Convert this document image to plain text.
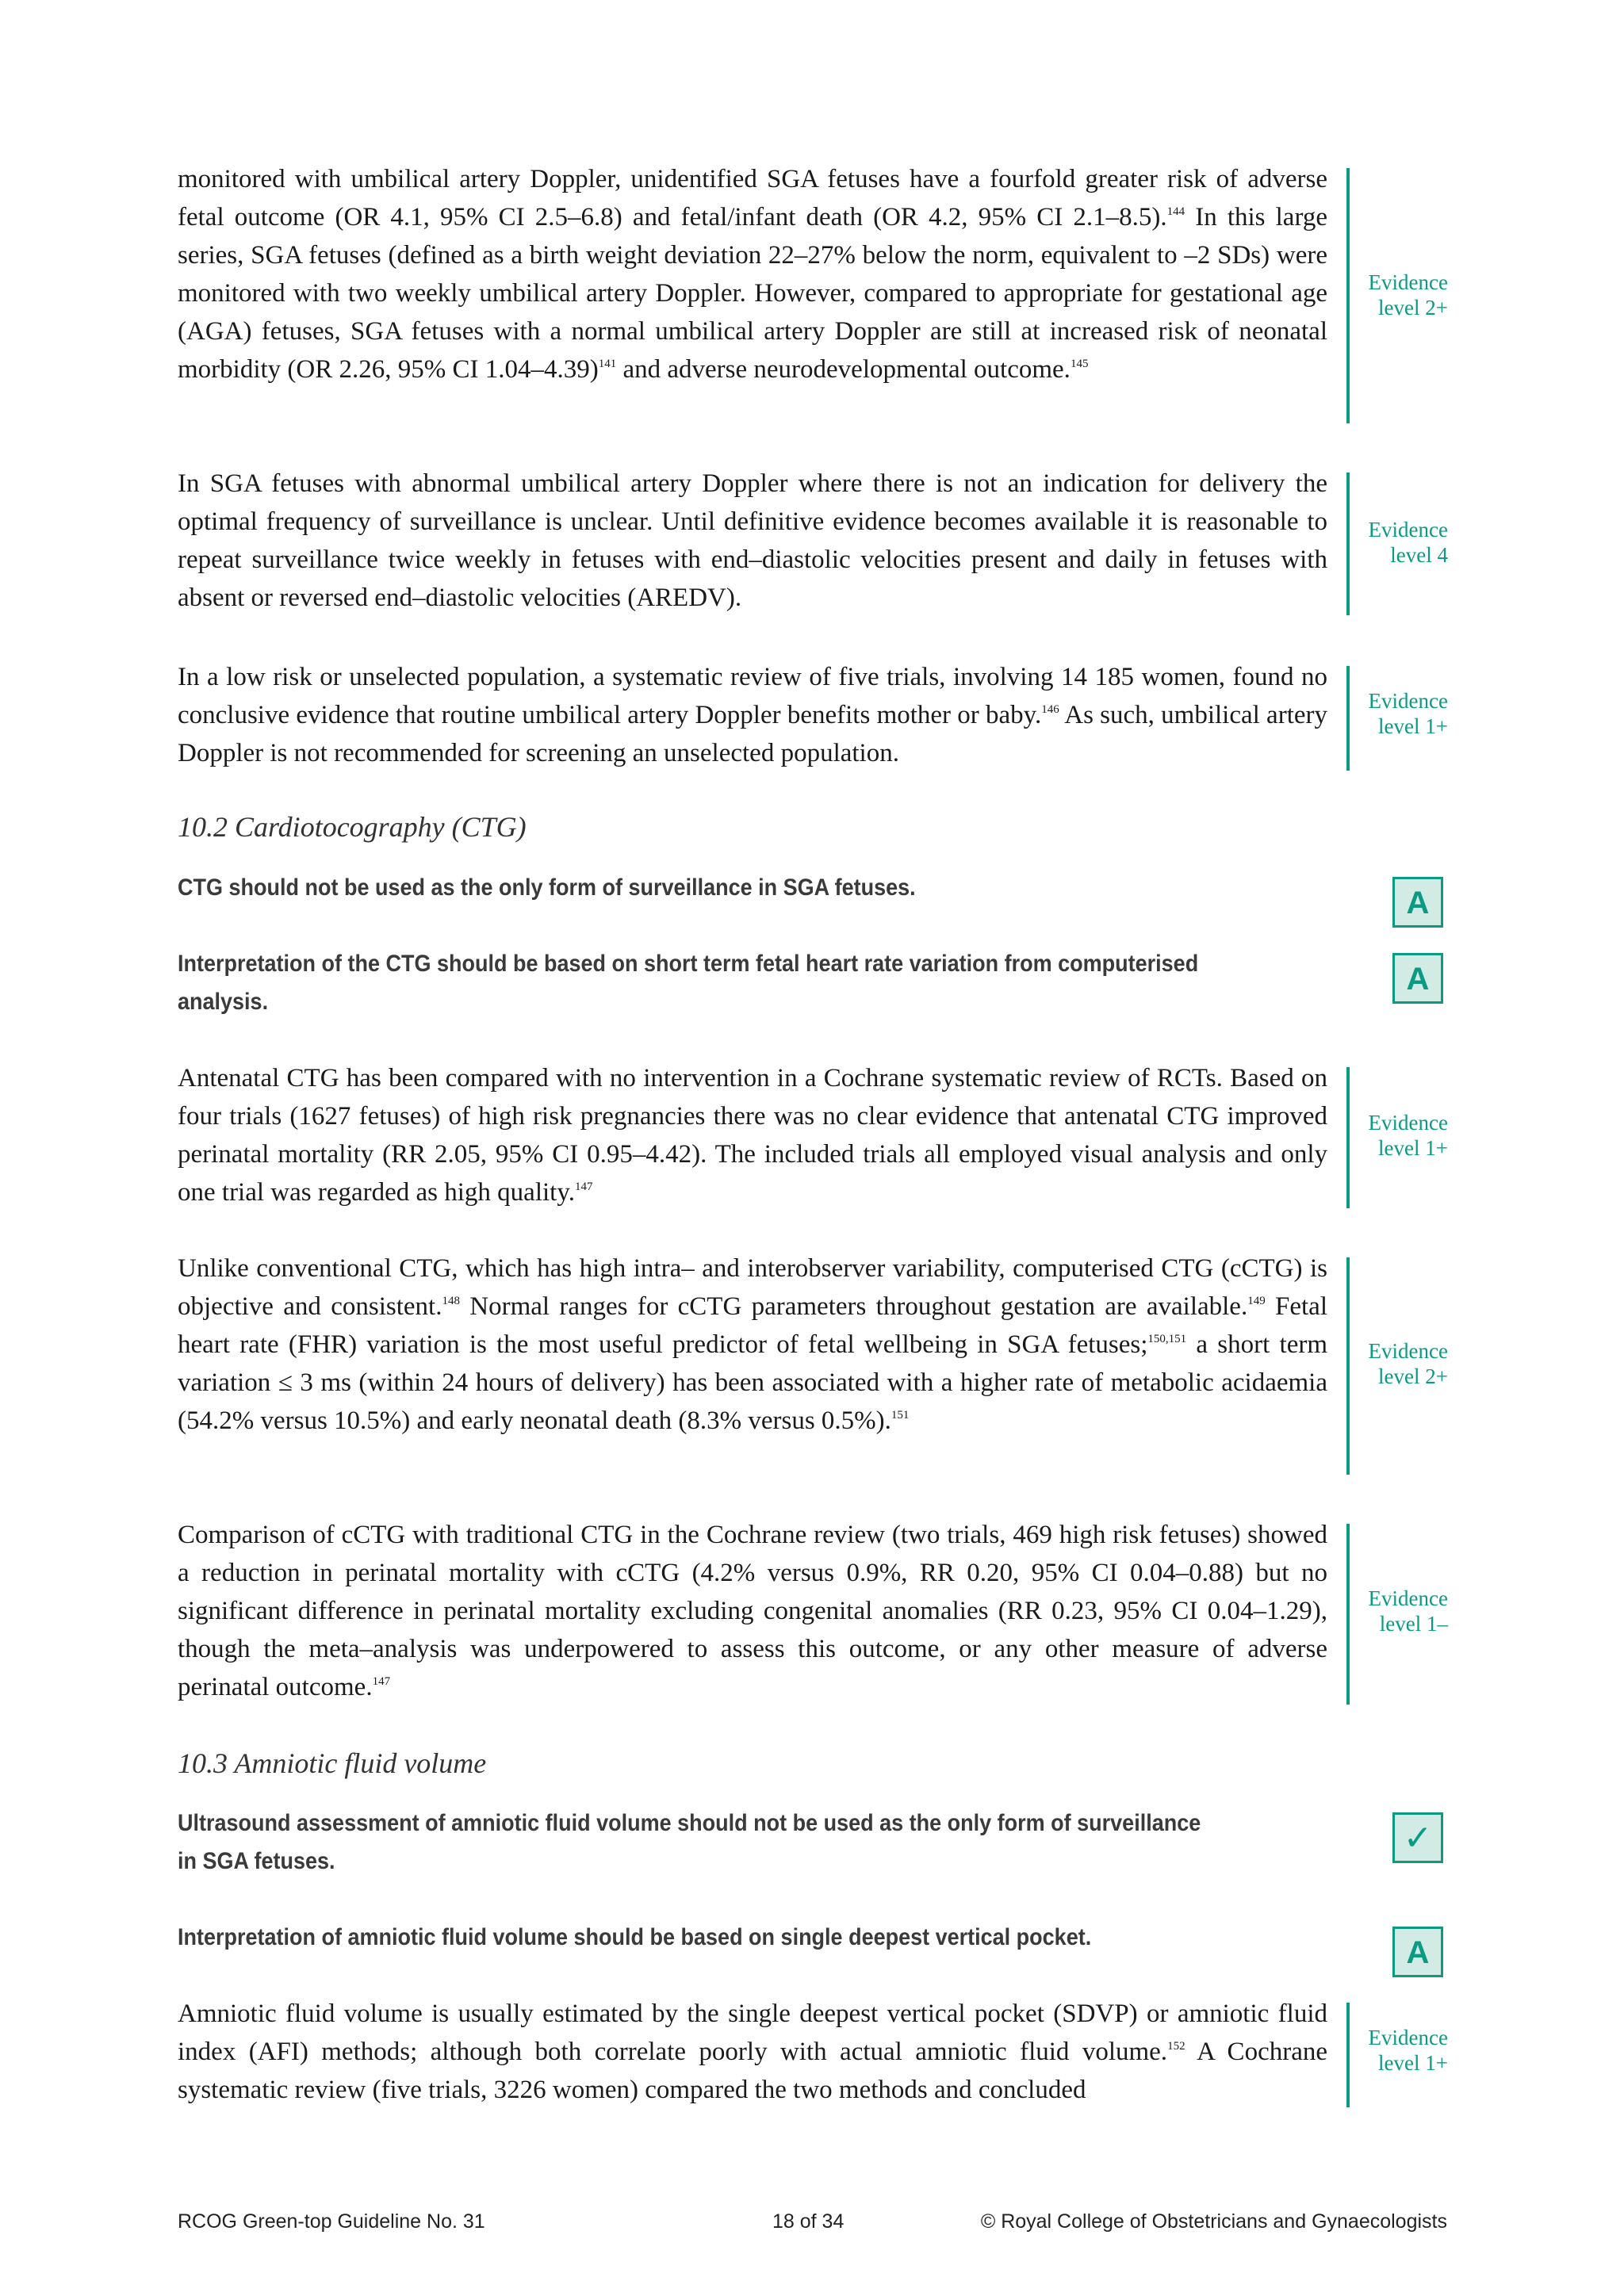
monitored with umbilical artery Doppler, unidentified SGA fetuses have a fourfold greater risk of adverse fetal outcome (OR 4.1, 95% CI 2.5–6.8) and fetal/infant death (OR 4.2, 95% CI 2.1–8.5).$^{144}$ In this large series, SGA fetuses (defined as a birth weight deviation 22–27% below the norm, equivalent to –2 SDs) were monitored with two weekly umbilical artery Doppler. However, compared to appropriate for gestational age (AGA) fetuses, SGA fetuses with a normal umbilical artery Doppler are still at increased risk of neonatal morbidity (OR 2.26, 95% CI 1.04–4.39)$^{141}$ and adverse neurodevelopmental outcome.$^{145}$

Evidence
level 2+

In SGA fetuses with abnormal umbilical artery Doppler where there is not an indication for delivery the optimal frequency of surveillance is unclear. Until definitive evidence becomes available it is reasonable to repeat surveillance twice weekly in fetuses with end–diastolic velocities present and daily in fetuses with absent or reversed end–diastolic velocities (AREDV).

Evidence
level 4

In a low risk or unselected population, a systematic review of five trials, involving 14 185 women, found no conclusive evidence that routine umbilical artery Doppler benefits mother or baby.$^{146}$ As such, umbilical artery Doppler is not recommended for screening an unselected population.

Evidence
level 1+

10.2 Cardiotocography (CTG)

CTG should not be used as the only form of surveillance in SGA fetuses.	A

Interpretation of the CTG should be based on short term fetal heart rate variation from computerised analysis.

A

Antenatal CTG has been compared with no intervention in a Cochrane systematic review of RCTs. Based on four trials (1627 fetuses) of high risk pregnancies there was no clear evidence that antenatal CTG improved perinatal mortality (RR 2.05, 95% CI 0.95–4.42). The included trials all employed visual analysis and only one trial was regarded as high quality.$^{147}$

Evidence
level 1+

Unlike conventional CTG, which has high intra– and interobserver variability, computerised CTG (cCTG) is objective and consistent.$^{148}$ Normal ranges for cCTG parameters throughout gestation are available.$^{149}$ Fetal heart rate (FHR) variation is the most useful predictor of fetal wellbeing in SGA fetuses;$^{150,151}$ a short term variation ≤ 3 ms (within 24 hours of delivery) has been associated with a higher rate of metabolic acidaemia (54.2% versus 10.5%) and early neonatal death (8.3% versus 0.5%).$^{151}$

Evidence
level 2+

Comparison of cCTG with traditional CTG in the Cochrane review (two trials, 469 high risk fetuses) showed a reduction in perinatal mortality with cCTG (4.2% versus 0.9%, RR 0.20, 95% CI 0.04–0.88) but no significant difference in perinatal mortality excluding congenital anomalies (RR 0.23, 95% CI 0.04–1.29), though the meta–analysis was underpowered to assess this outcome, or any other measure of adverse perinatal outcome.$^{147}$

Evidence
level 1–

10.3 Amniotic fluid volume

Ultrasound assessment of amniotic fluid volume should not be used as the only form of surveillance in SGA fetuses.

✓

Interpretation of amniotic fluid volume should be based on single deepest vertical pocket.	A

Amniotic fluid volume is usually estimated by the single deepest vertical pocket (SDVP) or amniotic fluid index (AFI) methods; although both correlate poorly with actual amniotic fluid volume.$^{152}$ A Cochrane systematic review (five trials, 3226 women) compared the two methods and concluded

Evidence
level 1+

RCOG Green-top Guideline No. 31	18 of 34	© Royal College of Obstetricians and Gynaecologists
